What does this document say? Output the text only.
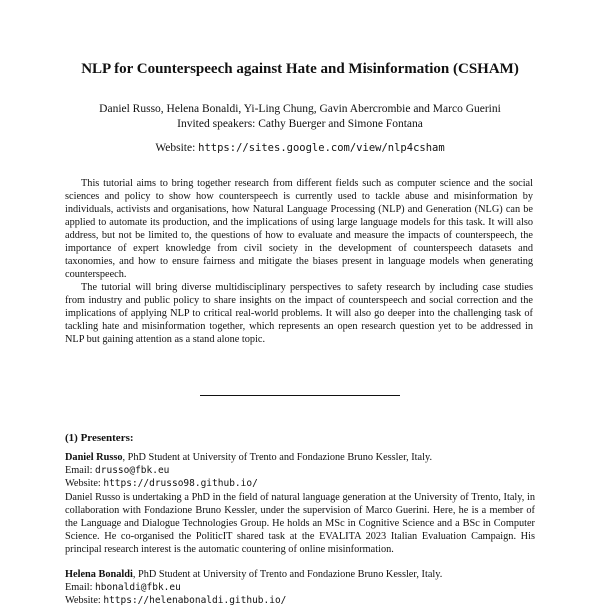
NLP for Counterspeech against Hate and Misinformation (CSHAM)
Daniel Russo, Helena Bonaldi, Yi-Ling Chung, Gavin Abercrombie and Marco Guerini
Invited speakers: Cathy Buerger and Simone Fontana
Website: https://sites.google.com/view/nlp4csham

This tutorial aims to bring together research from different fields such as computer science and the social sciences and policy to show how counterspeech is currently used to tackle abuse and misinformation by individuals, activists and organisations, how Natural Language Processing (NLP) and Generation (NLG) can be applied to automate its production, and the implications of using large language models for this task. It will also address, but not be limited to, the questions of how to evaluate and measure the impacts of counterspeech, the importance of expert knowledge from civil society in the development of counterspeech datasets and taxonomies, and how to ensure fairness and mitigate the biases present in language models when generating counterspeech.

The tutorial will bring diverse multidisciplinary perspectives to safety research by including case studies from industry and public policy to share insights on the impact of counterspeech and social correction and the implications of applying NLP to critical real-world problems. It will also go deeper into the challenging task of tackling hate and misinformation together, which represents an open research question yet to be addressed in NLP but gaining attention as a stand alone topic.

(1) Presenters:
Daniel Russo, PhD Student at University of Trento and Fondazione Bruno Kessler, Italy.
Email: drusso@fbk.eu
Website: https://drusso98.github.io/

Daniel Russo is undertaking a PhD in the field of natural language generation at the University of Trento, Italy, in collaboration with Fondazione Bruno Kessler, under the supervision of Marco Guerini. Here, he is a member of the Language and Dialogue Technologies Group. He holds an MSc in Cognitive Science and a BSc in Computer Science. He co-organised the PoliticIT shared task at the EVALITA 2023 Italian Evaluation Campaign. His principal research interest is the automatic countering of online misinformation.

Helena Bonaldi, PhD Student at University of Trento and Fondazione Bruno Kessler, Italy.
Email: hbonaldi@fbk.eu
Website: https://helenabonaldi.github.io/
